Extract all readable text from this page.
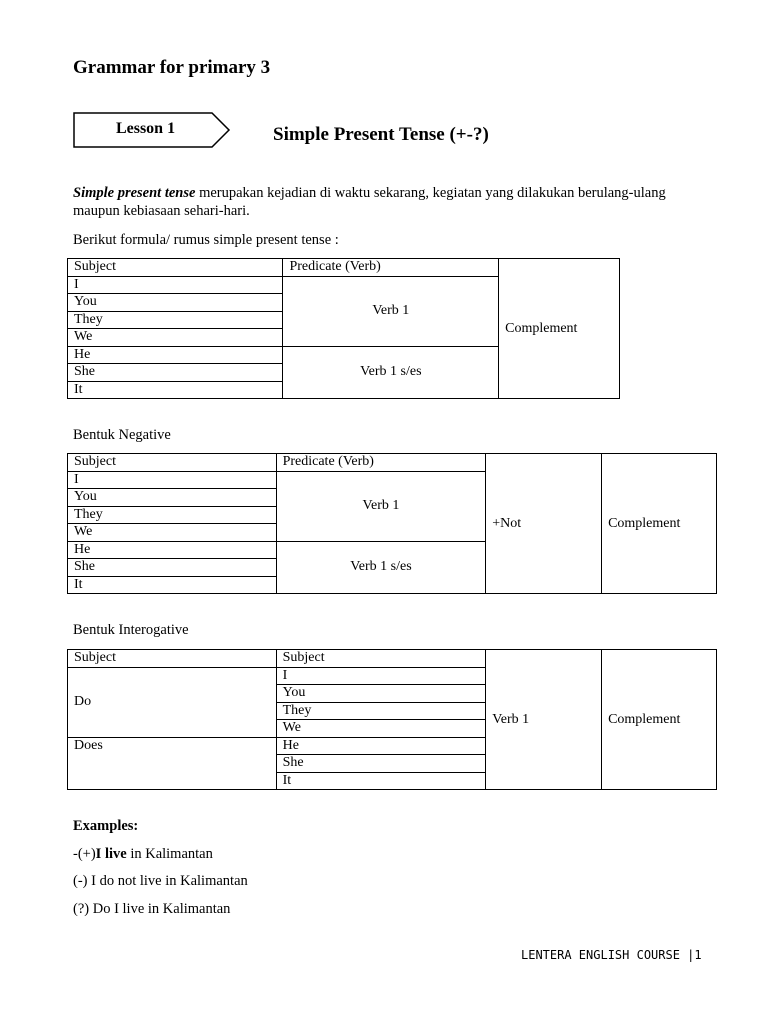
Grammar for primary 3
Lesson 1	Simple Present Tense (+-?)
Simple present tense merupakan kejadian di waktu sekarang, kegiatan yang dilakukan berulang-ulang maupun kebiasaan sehari-hari.
Berikut formula/ rumus simple present tense :
Subject	Predicate (Verb)	Complement
I	Verb 1	
You		
They		
We		
He	Verb 1 s/es	
She		
It		
Bentuk Negative
Subject	Predicate (Verb)	+Not	Complement
I	Verb 1		
You			
They			
We			
He	Verb 1 s/es		
She			
It			
Bentuk Interogative
Subject	Subject	Verb 1	Complement
Do	I		
	You		
	They		
	We		
Does	He		
	She		
	It		
Examples:
-(+)I live in Kalimantan
(-) I do not live in Kalimantan
(?) Do I live in Kalimantan
LENTERA ENGLISH COURSE |1
